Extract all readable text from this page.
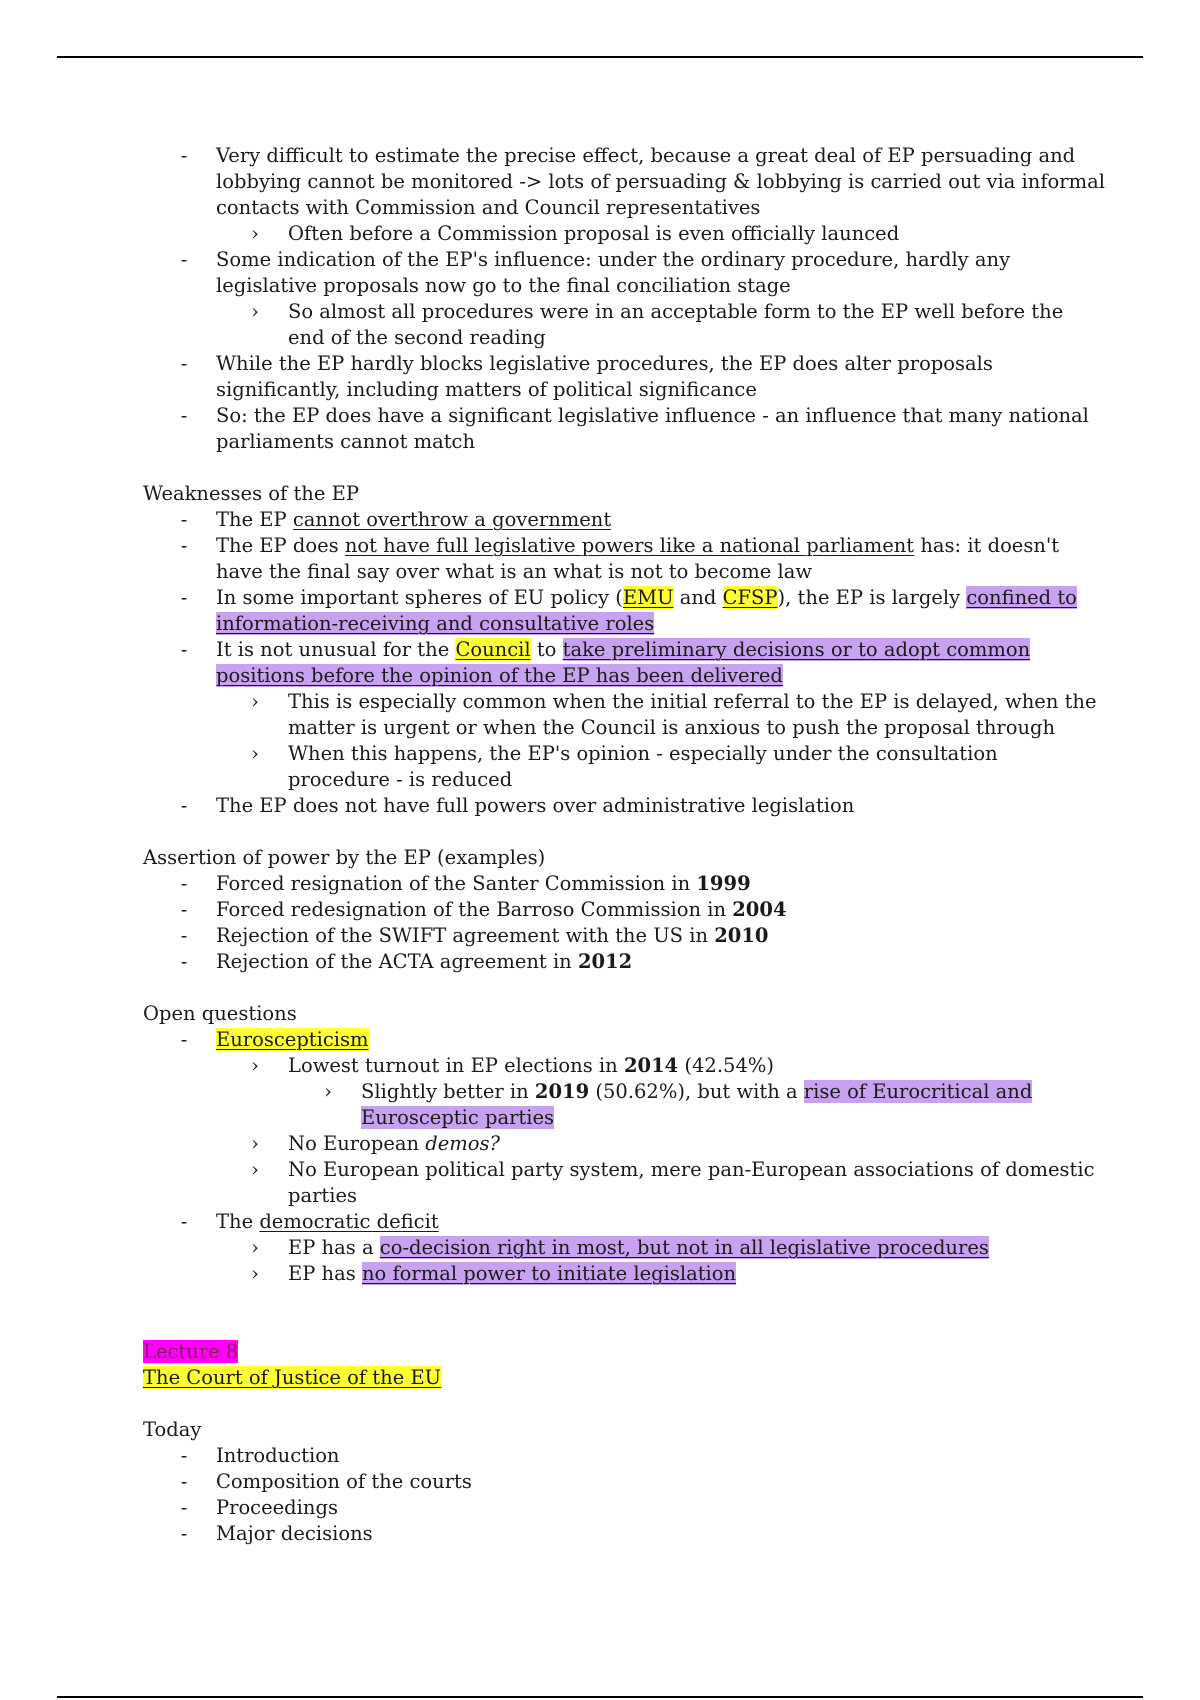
-	Very difficult to estimate the precise effect, because a great deal of EP persuading and
lobbying cannot be monitored -> lots of persuading & lobbying is carried out via informal
contacts with Commission and Council representatives
›	Often before a Commission proposal is even officially launced
-	Some indication of the EP's influence: under the ordinary procedure, hardly any
legislative proposals now go to the final conciliation stage
›	So almost all procedures were in an acceptable form to the EP well before the
end of the second reading
-	While the EP hardly blocks legislative procedures, the EP does alter proposals
significantly, including matters of political significance
-	So: the EP does have a significant legislative influence - an influence that many national
parliaments cannot match
Weaknesses of the EP
-	The EP cannot overthrow a government
-	The EP does not have full legislative powers like a national parliament has: it doesn't
have the final say over what is an what is not to become law
-	In some important spheres of EU policy (EMU and CFSP), the EP is largely confined to
information-receiving and consultative roles
-	It is not unusual for the Council to take preliminary decisions or to adopt common
positions before the opinion of the EP has been delivered
›	This is especially common when the initial referral to the EP is delayed, when the
matter is urgent or when the Council is anxious to push the proposal through
›	When this happens, the EP's opinion - especially under the consultation
procedure - is reduced
-	The EP does not have full powers over administrative legislation
Assertion of power by the EP (examples)
-	Forced resignation of the Santer Commission in 1999
-	Forced redesignation of the Barroso Commission in 2004
-	Rejection of the SWIFT agreement with the US in 2010
-	Rejection of the ACTA agreement in 2012
Open questions
-	Euroscepticism
›	Lowest turnout in EP elections in 2014 (42.54%)
›	Slightly better in 2019 (50.62%), but with a rise of Eurocritical and
Eurosceptic parties
›	No European demos?
›	No European political party system, mere pan-European associations of domestic
parties
-	The democratic deficit
›	EP has a co-decision right in most, but not in all legislative procedures
›	EP has no formal power to initiate legislation
Lecture 8
The Court of Justice of the EU
Today
-	Introduction
-	Composition of the courts
-	Proceedings
-	Major decisions
